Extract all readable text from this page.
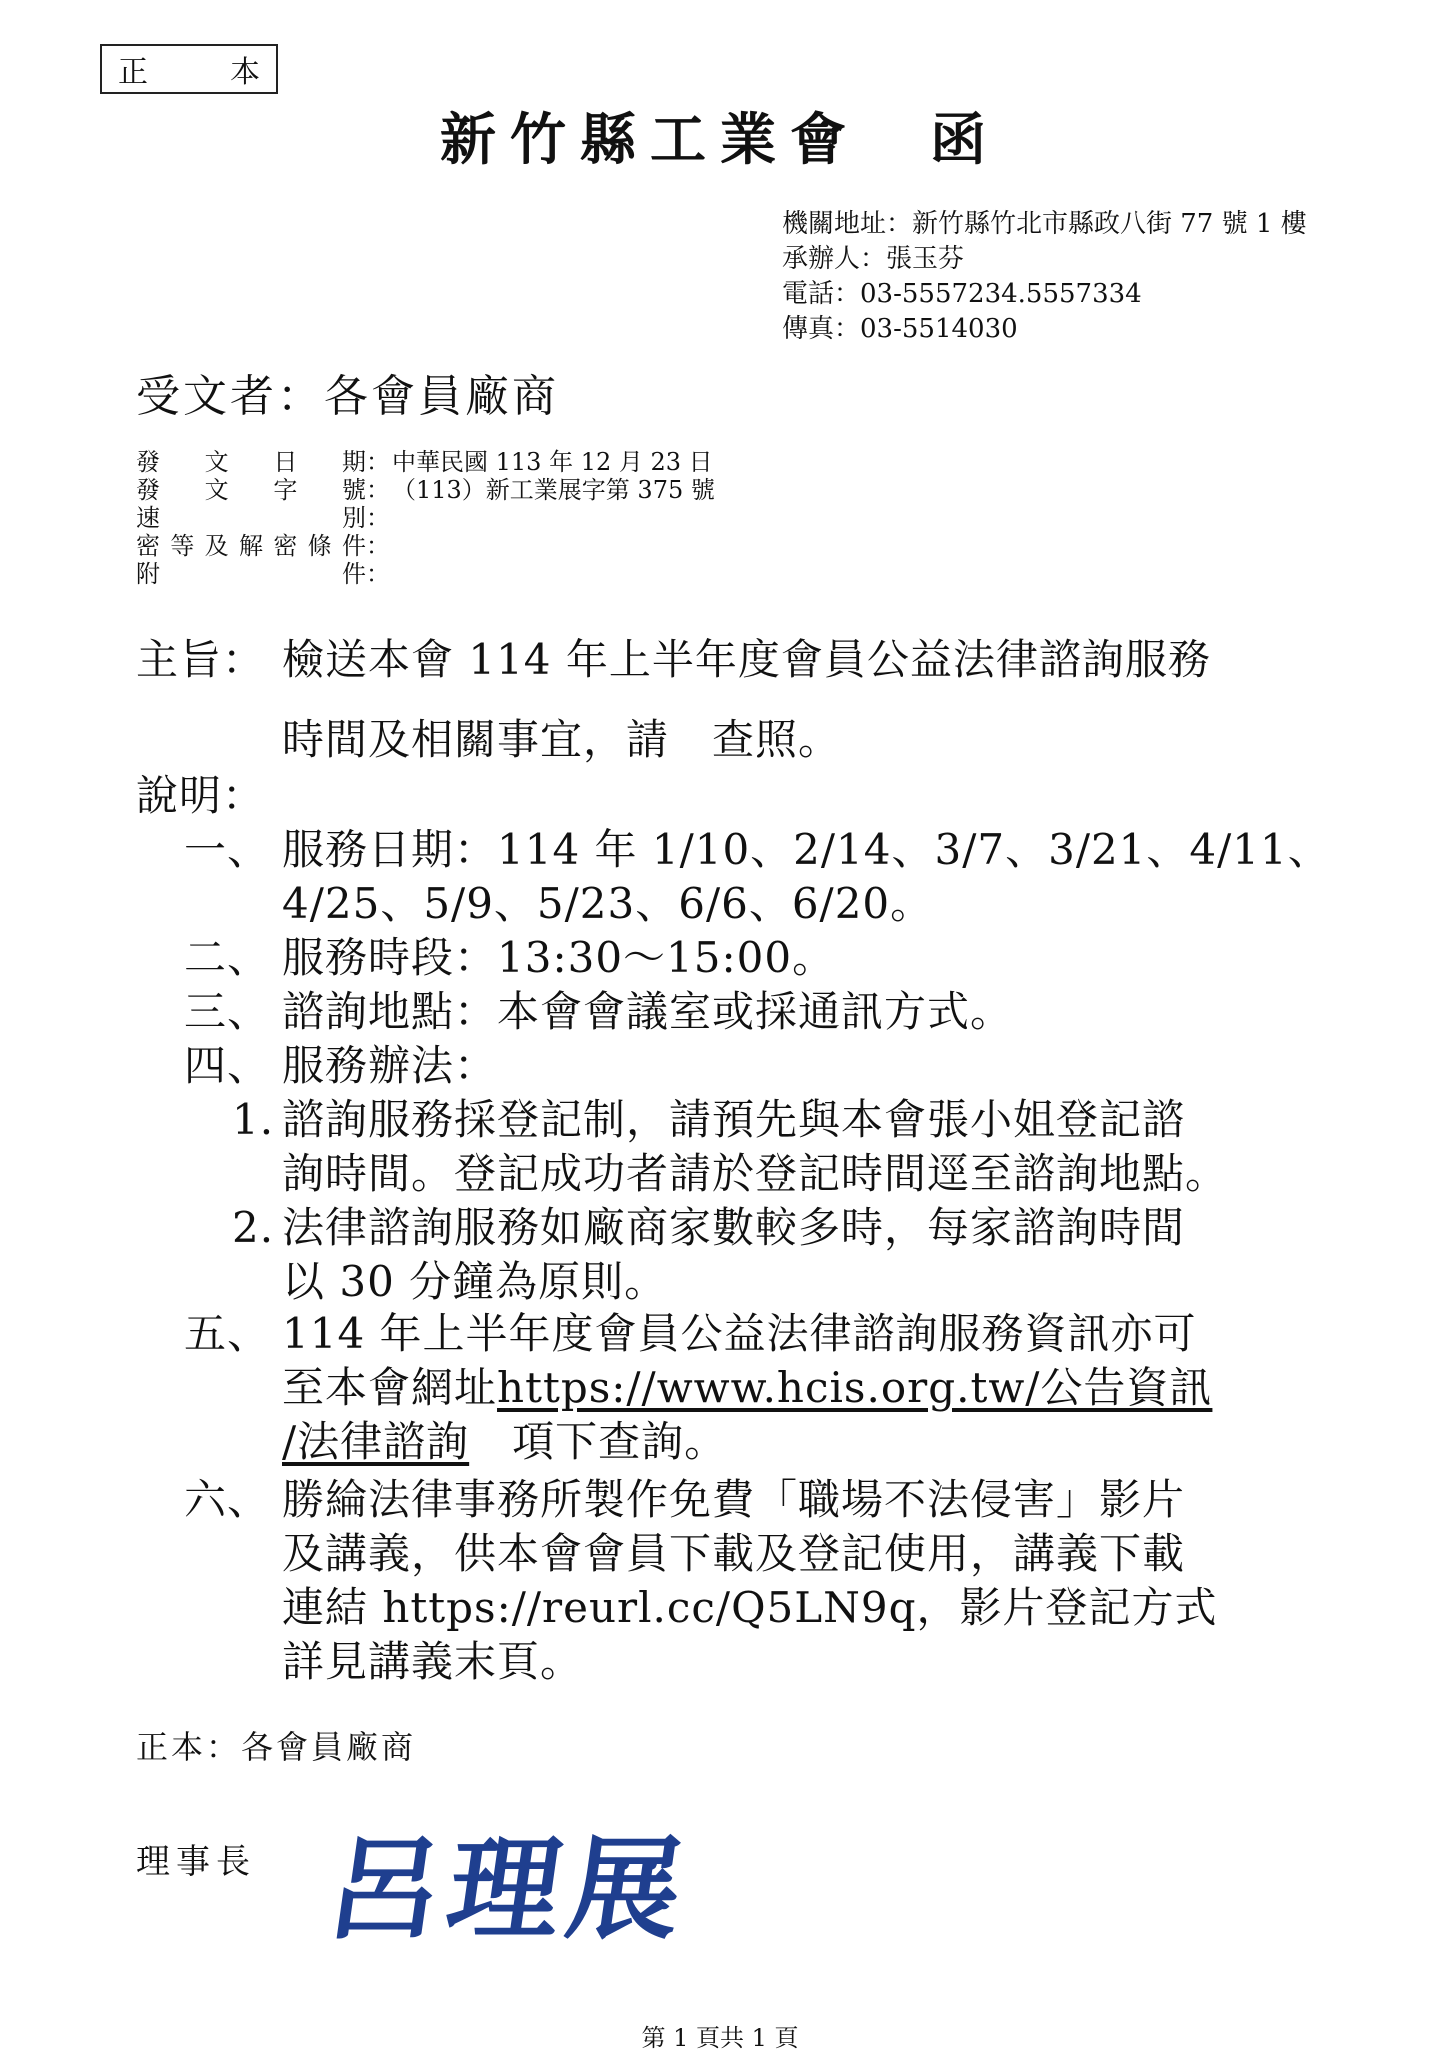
正　本
新竹縣工業會　函
機關地址：新竹縣竹北市縣政八街 77 號 1 樓
承辦人：張玉芬
電話：03-5557234.5557334
傳真：03-5514030
受文者：各會員廠商
發 文 日 期 ： 中華民國 113 年 12 月 23 日
發 文 字 號 ： （113）新工業展字第 375 號
速	別 ：
密 等 及 解 密 條 件 ：
附	件 ：
主旨： 檢送本會 114 年上半年度會員公益法律諮詢服務
時間及相關事宜，請　查照。
說明：
一、 服務日期：114 年 1/10、2/14、3/7、3/21、4/11、
4/25、5/9、5/23、6/6、6/20。
二、 服務時段：13:30～15:00。
三、 諮詢地點：本會會議室或採通訊方式。
四、 服務辦法：
1. 諮詢服務採登記制，請預先與本會張小姐登記諮
詢時間。登記成功者請於登記時間逕至諮詢地點。
2. 法律諮詢服務如廠商家數較多時，每家諮詢時間
以 30 分鐘為原則。
五、 114 年上半年度會員公益法律諮詢服務資訊亦可
至本會網址https://www.hcis.org.tw/公告資訊
/法律諮詢　項下查詢。
六、 勝綸法律事務所製作免費「職場不法侵害」影片
及講義，供本會會員下載及登記使用，講義下載
連結 https://reurl.cc/Q5LN9q，影片登記方式
詳見講義末頁。
正本：各會員廠商
理事長 呂理展
第 1 頁共 1 頁
